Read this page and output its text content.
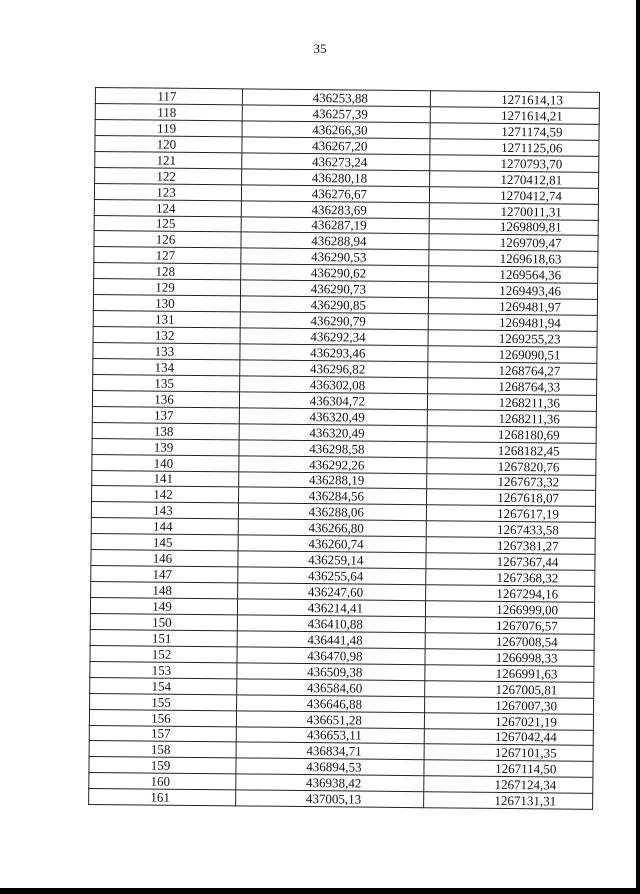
35
117	436253,88	1271614,13
118	436257,39	1271614,21
119	436266,30	1271174,59
120	436267,20	1271125,06
121	436273,24	1270793,70
122	436280,18	1270412,81
123	436276,67	1270412,74
124	436283,69	1270011,31
125	436287,19	1269809,81
126	436288,94	1269709,47
127	436290,53	1269618,63
128	436290,62	1269564,36
129	436290,73	1269493,46
130	436290,85	1269481,97
131	436290,79	1269481,94
132	436292,34	1269255,23
133	436293,46	1269090,51
134	436296,82	1268764,27
135	436302,08	1268764,33
136	436304,72	1268211,36
137	436320,49	1268211,36
138	436320,49	1268180,69
139	436298,58	1268182,45
140	436292,26	1267820,76
141	436288,19	1267673,32
142	436284,56	1267618,07
143	436288,06	1267617,19
144	436266,80	1267433,58
145	436260,74	1267381,27
146	436259,14	1267367,44
147	436255,64	1267368,32
148	436247,60	1267294,16
149	436214,41	1266999,00
150	436410,88	1267076,57
151	436441,48	1267008,54
152	436470,98	1266998,33
153	436509,38	1266991,63
154	436584,60	1267005,81
155	436646,88	1267007,30
156	436651,28	1267021,19
157	436653,11	1267042,44
158	436834,71	1267101,35
159	436894,53	1267114,50
160	436938,42	1267124,34
161	437005,13	1267131,31
